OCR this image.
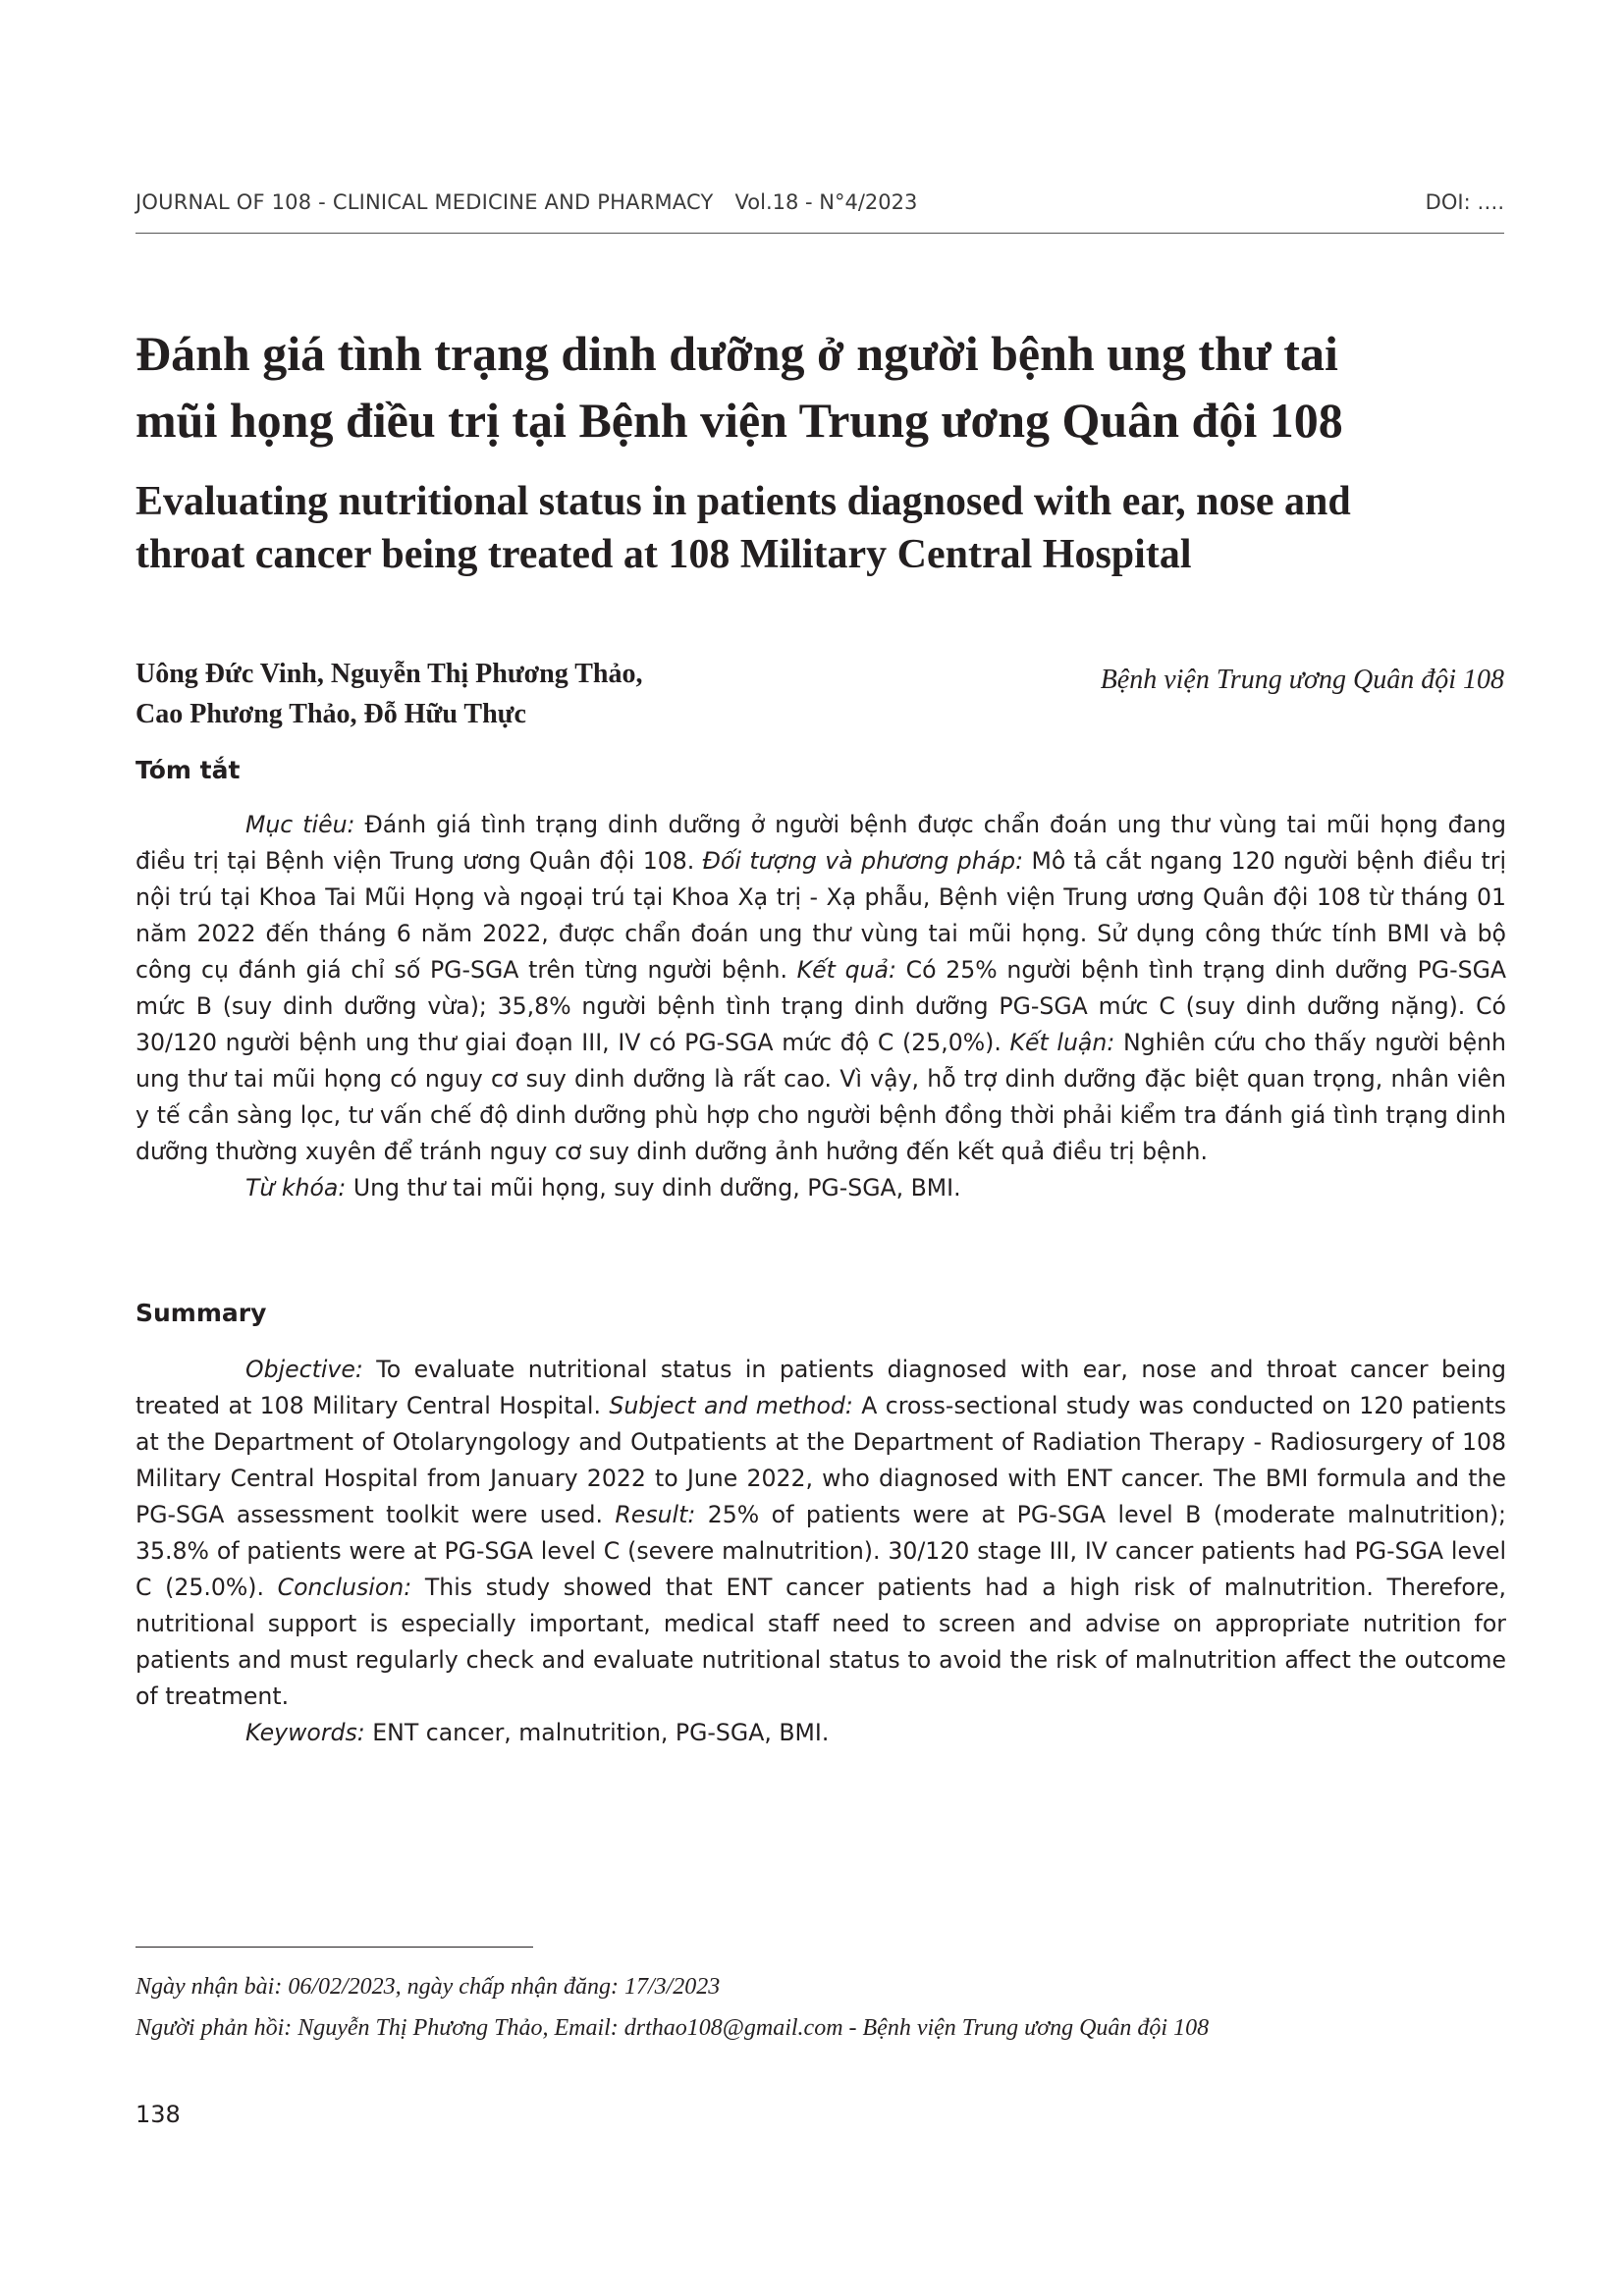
JOURNAL OF 108 - CLINICAL MEDICINE AND PHARMACY Vol.18 - N°4/2023	DOI: ….
Đánh giá tình trạng dinh dưỡng ở người bệnh ung thư tai
mũi họng điều trị tại Bệnh viện Trung ương Quân đội 108
Evaluating nutritional status in patients diagnosed with ear, nose and
throat cancer being treated at 108 Military Central Hospital
Uông Đức Vinh, Nguyễn Thị Phương Thảo,
Cao Phương Thảo, Đỗ Hữu Thực
Bệnh viện Trung ương Quân đội 108
Tóm tắt

Mục tiêu: Đánh giá tình trạng dinh dưỡng ở người bệnh được chẩn đoán ung thư vùng tai mũi họng đang điều trị tại Bệnh viện Trung ương Quân đội 108. Đối tượng và phương pháp: Mô tả cắt ngang 120 người bệnh điều trị nội trú tại Khoa Tai Mũi Họng và ngoại trú tại Khoa Xạ trị - Xạ phẫu, Bệnh viện Trung ương Quân đội 108 từ tháng 01 năm 2022 đến tháng 6 năm 2022, được chẩn đoán ung thư vùng tai mũi họng. Sử dụng công thức tính BMI và bộ công cụ đánh giá chỉ số PG-SGA trên từng người bệnh. Kết quả: Có 25% người bệnh tình trạng dinh dưỡng PG-SGA mức B (suy dinh dưỡng vừa); 35,8% người bệnh tình trạng dinh dưỡng PG-SGA mức C (suy dinh dưỡng nặng). Có 30/120 người bệnh ung thư giai đoạn III, IV có PG-SGA mức độ C (25,0%). Kết luận: Nghiên cứu cho thấy người bệnh ung thư tai mũi họng có nguy cơ suy dinh dưỡng là rất cao. Vì vậy, hỗ trợ dinh dưỡng đặc biệt quan trọng, nhân viên y tế cần sàng lọc, tư vấn chế độ dinh dưỡng phù hợp cho người bệnh đồng thời phải kiểm tra đánh giá tình trạng dinh dưỡng thường xuyên để tránh nguy cơ suy dinh dưỡng ảnh hưởng đến kết quả điều trị bệnh.

Từ khóa: Ung thư tai mũi họng, suy dinh dưỡng, PG-SGA, BMI.

Summary

Objective: To evaluate nutritional status in patients diagnosed with ear, nose and throat cancer being treated at 108 Military Central Hospital. Subject and method: A cross-sectional study was conducted on 120 patients at the Department of Otolaryngology and Outpatients at the Department of Radiation Therapy - Radiosurgery of 108 Military Central Hospital from January 2022 to June 2022, who diagnosed with ENT cancer. The BMI formula and the PG-SGA assessment toolkit were used. Result: 25% of patients were at PG-SGA level B (moderate malnutrition); 35.8% of patients were at PG-SGA level C (severe malnutrition). 30/120 stage III, IV cancer patients had PG-SGA level C (25.0%). Conclusion: This study showed that ENT cancer patients had a high risk of malnutrition. Therefore, nutritional support is especially important, medical staff need to screen and advise on appropriate nutrition for patients and must regularly check and evaluate nutritional status to avoid the risk of malnutrition affect the outcome of treatment.

Keywords: ENT cancer, malnutrition, PG-SGA, BMI.

Ngày nhận bài: 06/02/2023, ngày chấp nhận đăng: 17/3/2023
Người phản hồi: Nguyễn Thị Phương Thảo, Email: drthao108@gmail.com - Bệnh viện Trung ương Quân đội 108
138
